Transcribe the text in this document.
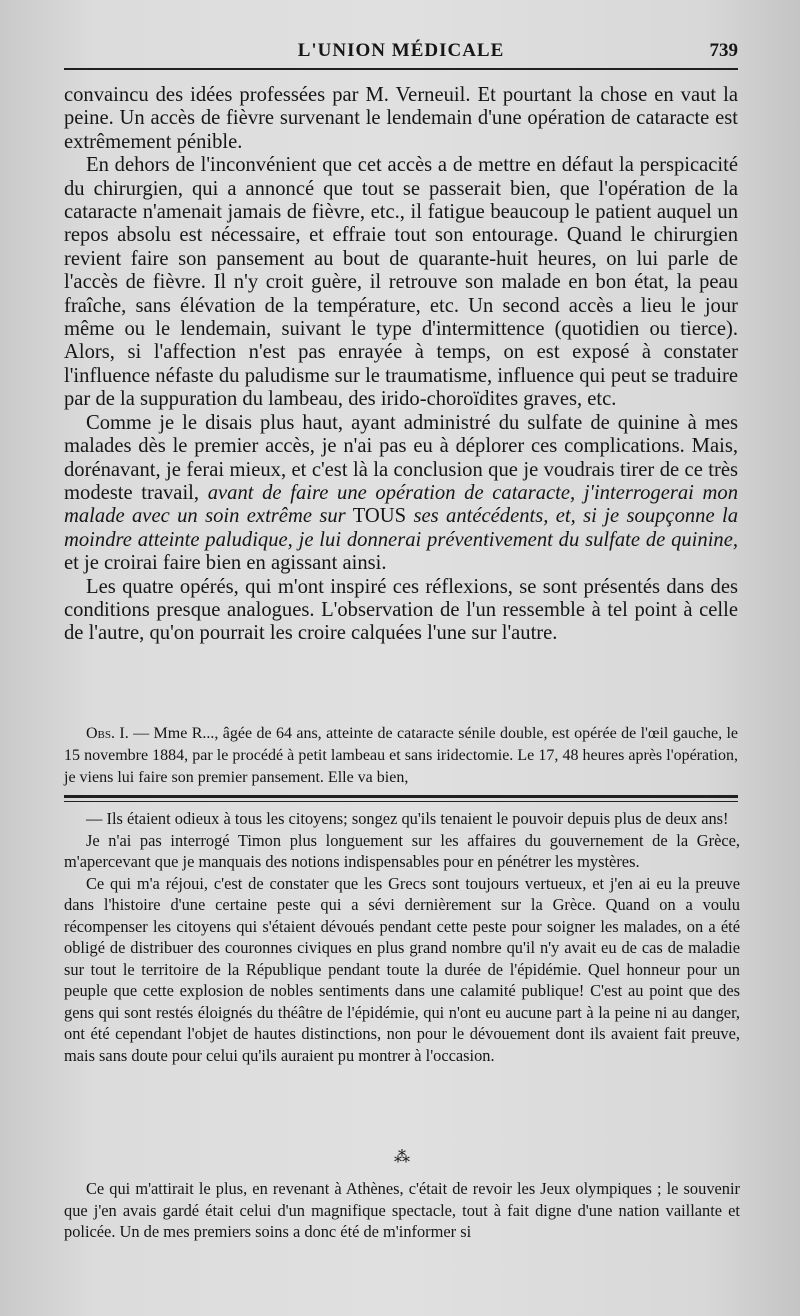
L'UNION MÉDICALE	739

convaincu des idées professées par M. Verneuil. Et pourtant la chose en vaut la peine. Un accès de fièvre survenant le lendemain d'une opération de cataracte est extrêmement pénible.

En dehors de l'inconvénient que cet accès a de mettre en défaut la perspicacité du chirurgien, qui a annoncé que tout se passerait bien, que l'opération de la cataracte n'amenait jamais de fièvre, etc., il fatigue beaucoup le patient auquel un repos absolu est nécessaire, et effraie tout son entourage. Quand le chirurgien revient faire son pansement au bout de quarante-huit heures, on lui parle de l'accès de fièvre. Il n'y croit guère, il retrouve son malade en bon état, la peau fraîche, sans élévation de la température, etc. Un second accès a lieu le jour même ou le lendemain, suivant le type d'intermittence (quotidien ou tierce). Alors, si l'affection n'est pas enrayée à temps, on est exposé à constater l'influence néfaste du paludisme sur le traumatisme, influence qui peut se traduire par de la suppuration du lambeau, des irido-choroïdites graves, etc.

Comme je le disais plus haut, ayant administré du sulfate de quinine à mes malades dès le premier accès, je n'ai pas eu à déplorer ces complications. Mais, dorénavant, je ferai mieux, et c'est là la conclusion que je voudrais tirer de ce très modeste travail, avant de faire une opération de cataracte, j'interrogerai mon malade avec un soin extrême sur TOUS ses antécédents, et, si je soupçonne la moindre atteinte paludique, je lui donnerai préventivement du sulfate de quinine, et je croirai faire bien en agissant ainsi.

Les quatre opérés, qui m'ont inspiré ces réflexions, se sont présentés dans des conditions presque analogues. L'observation de l'un ressemble à tel point à celle de l'autre, qu'on pourrait les croire calquées l'une sur l'autre.

Obs. I. — Mme R..., âgée de 64 ans, atteinte de cataracte sénile double, est opérée de l'œil gauche, le 15 novembre 1884, par le procédé à petit lambeau et sans iridectomie. Le 17, 48 heures après l'opération, je viens lui faire son premier pansement. Elle va bien,

— Ils étaient odieux à tous les citoyens; songez qu'ils tenaient le pouvoir depuis plus de deux ans!

Je n'ai pas interrogé Timon plus longuement sur les affaires du gouvernement de la Grèce, m'apercevant que je manquais des notions indispensables pour en pénétrer les mystères.

Ce qui m'a réjoui, c'est de constater que les Grecs sont toujours vertueux, et j'en ai eu la preuve dans l'histoire d'une certaine peste qui a sévi dernièrement sur la Grèce. Quand on a voulu récompenser les citoyens qui s'étaient dévoués pendant cette peste pour soigner les malades, on a été obligé de distribuer des couronnes civiques en plus grand nombre qu'il n'y avait eu de cas de maladie sur tout le territoire de la République pendant toute la durée de l'épidémie. Quel honneur pour un peuple que cette explosion de nobles sentiments dans une calamité publique! C'est au point que des gens qui sont restés éloignés du théâtre de l'épidémie, qui n'ont eu aucune part à la peine ni au danger, ont été cependant l'objet de hautes distinctions, non pour le dévouement dont ils avaient fait preuve, mais sans doute pour celui qu'ils auraient pu montrer à l'occasion.

⁂

Ce qui m'attirait le plus, en revenant à Athènes, c'était de revoir les Jeux olympiques ; le souvenir que j'en avais gardé était celui d'un magnifique spectacle, tout à fait digne d'une nation vaillante et policée. Un de mes premiers soins a donc été de m'informer si
